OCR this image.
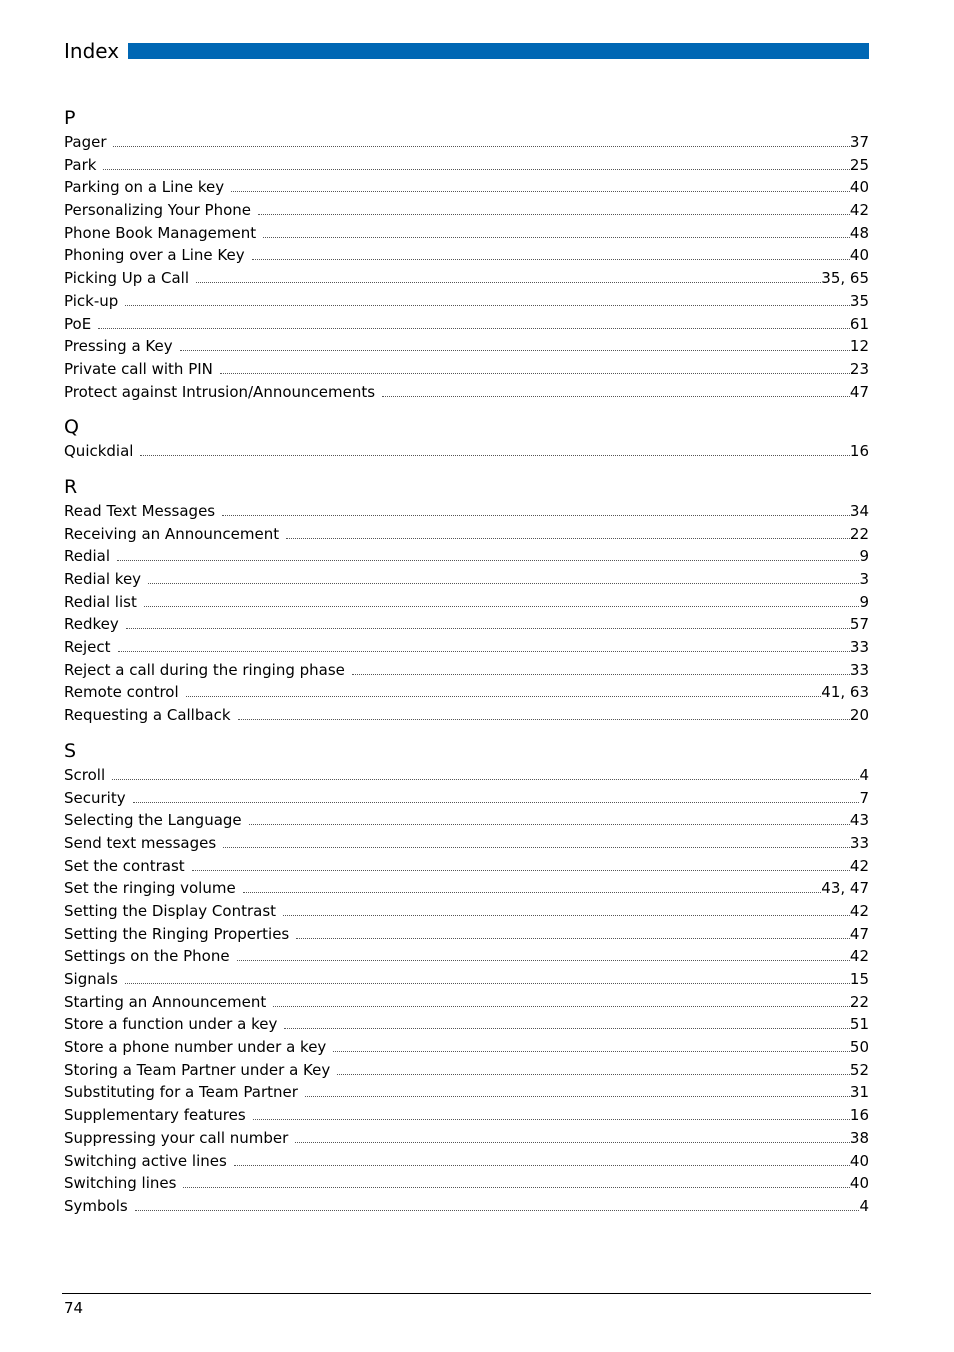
Index
P
Pager	37
Park	25
Parking on a Line key	40
Personalizing Your Phone	42
Phone Book Management	48
Phoning over a Line Key	40
Picking Up a Call	35, 65
Pick-up	35
PoE	61
Pressing a Key	12
Private call with PIN	23
Protect against Intrusion/Announcements	47
Q
Quickdial	16
R
Read Text Messages	34
Receiving an Announcement	22
Redial	9
Redial key	3
Redial list	9
Redkey	57
Reject	33
Reject a call during the ringing phase	33
Remote control	41, 63
Requesting a Callback	20
S
Scroll	4
Security	7
Selecting the Language	43
Send text messages	33
Set the contrast	42
Set the ringing volume	43, 47
Setting the Display Contrast	42
Setting the Ringing Properties	47
Settings on the Phone	42
Signals	15
Starting an Announcement	22
Store a function under a key	51
Store a phone number under a key	50
Storing a Team Partner under a Key	52
Substituting for a Team Partner	31
Supplementary features	16
Suppressing your call number	38
Switching active lines	40
Switching lines	40
Symbols	4
74
